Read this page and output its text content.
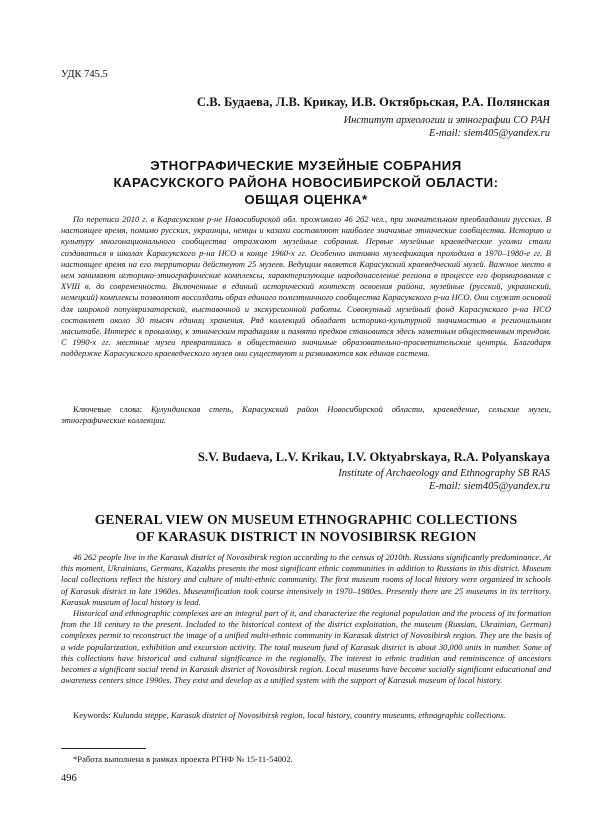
УДК 745.5
С.В. Будаева, Л.В. Крикау, И.В. Октябрьская, Р.А. Полянская
Институт археологии и этнографии СО РАН
E-mail: siem405@yandex.ru
ЭТНОГРАФИЧЕСКИЕ МУЗЕЙНЫЕ СОБРАНИЯ
КАРАСУКСКОГО РАЙОНА НОВОСИБИРСКОЙ ОБЛАСТИ:
ОБЩАЯ ОЦЕНКА*

По переписи 2010 г. в Карасукском р-не Новосибирской обл. проживало 46 262 чел., при значительном преобладании русских. В настоящее время, помимо русских, украинцы, немцы и казахи составляют наиболее значимые этнические сообщества. Историю и культуру многонационального сообщества отражают музейные собрания. Первые музейные краеведческие уголки стали создаваться в школах Карасукского р-на НСО в конце 1960-х гг. Особенно активно музеефикация проходила в 1970–1980-е гг. В настоящее время на его территории действуют 25 музеев. Ведущим является Карасукский краеведческий музей. Важное место в нем занимают историко-этнографические комплексы, характеризующие народонаселение региона в процессе его формирования с XVIII в. до современности. Включенные в единый исторический контекст освоения района, музейные (русский, украинский, немецкий) комплексы позволяют воссоздать образ единого полиэтничного сообщества Карасукского р-на НСО. Они служат основой для широкой популяризаторской, выставочной и экскурсионной работы. Совокупный музейный фонд Карасукского р-на НСО составляет около 30 тысяч единиц хранения. Ряд коллекций обладает историко-культурной значимостью в региональном масштабе. Интерес к прошлому, к этническим традициям и памяти предков становится здесь заметным общественным трендом. С 1990-х гг. местные музеи превратились в общественно значимые образовательно-просветительские центры. Благодаря поддержке Карасукского краеведческого музея они существуют и развиваются как единая система.

Ключевые слова: Кулундинская степь, Карасукский район Новосибирской области, краеведение, сельские музеи, этнографические коллекции.

S.V. Budaeva, L.V. Krikau, I.V. Oktyabrskaya, R.A. Polyanskaya
Institute of Archaeology and Ethnography SB RAS
E-mail: siem405@yandex.ru
GENERAL VIEW ON MUSEUM ETHNOGRAPHIC COLLECTIONS
OF KARASUK DISTRICT IN NOVOSIBIRSK REGION

46 262 people live in the Karasuk district of Novosibirsk region according to the census of 2010th. Russians significantly predominance. At this moment, Ukrainians, Germans, Kazakhs presents the most significant ethnic communities in addition to Russians in this district. Museum local collections reflect the history and culture of multi-ethnic community. The first museum rooms of local history were organized in schools of Karasuk district in late 1960es. Museumification took course intensively in 1970–1980es. Presently there are 25 museums in its territory. Karasuk museum of local history is lead.

Historical and ethnographic complexes are an integral part of it, and characterize the regional population and the process of its formation from the 18 century to the present. Included to the historical context of the district exploitation, the museum (Russian, Ukrainian, German) complexes permit to reconstruct the image of a unified multi-ethnic community in Karasuk district of Novosibirsk region. They are the basis of a wide popularization, exhibition and excursion activity. The total museum fund of Karasuk district is about 30,000 units in number. Some of this collections have historical and cultural significance in the regionally. The interest in ethnic tradition and reminiscence of ancestors becomes a significant social trend in Karasuk district of Novosibirsk region. Local museums have become socially significant educational and awareness centers since 1990es. They exist and develop as a unified system with the support of Karasuk museum of local history.

Keywords: Kulunda steppe, Karasuk district of Novosibirsk region, local history, country museums, ethnographic collections.

*Работа выполнена в рамках проекта РГНФ № 15-11-54002.
496
